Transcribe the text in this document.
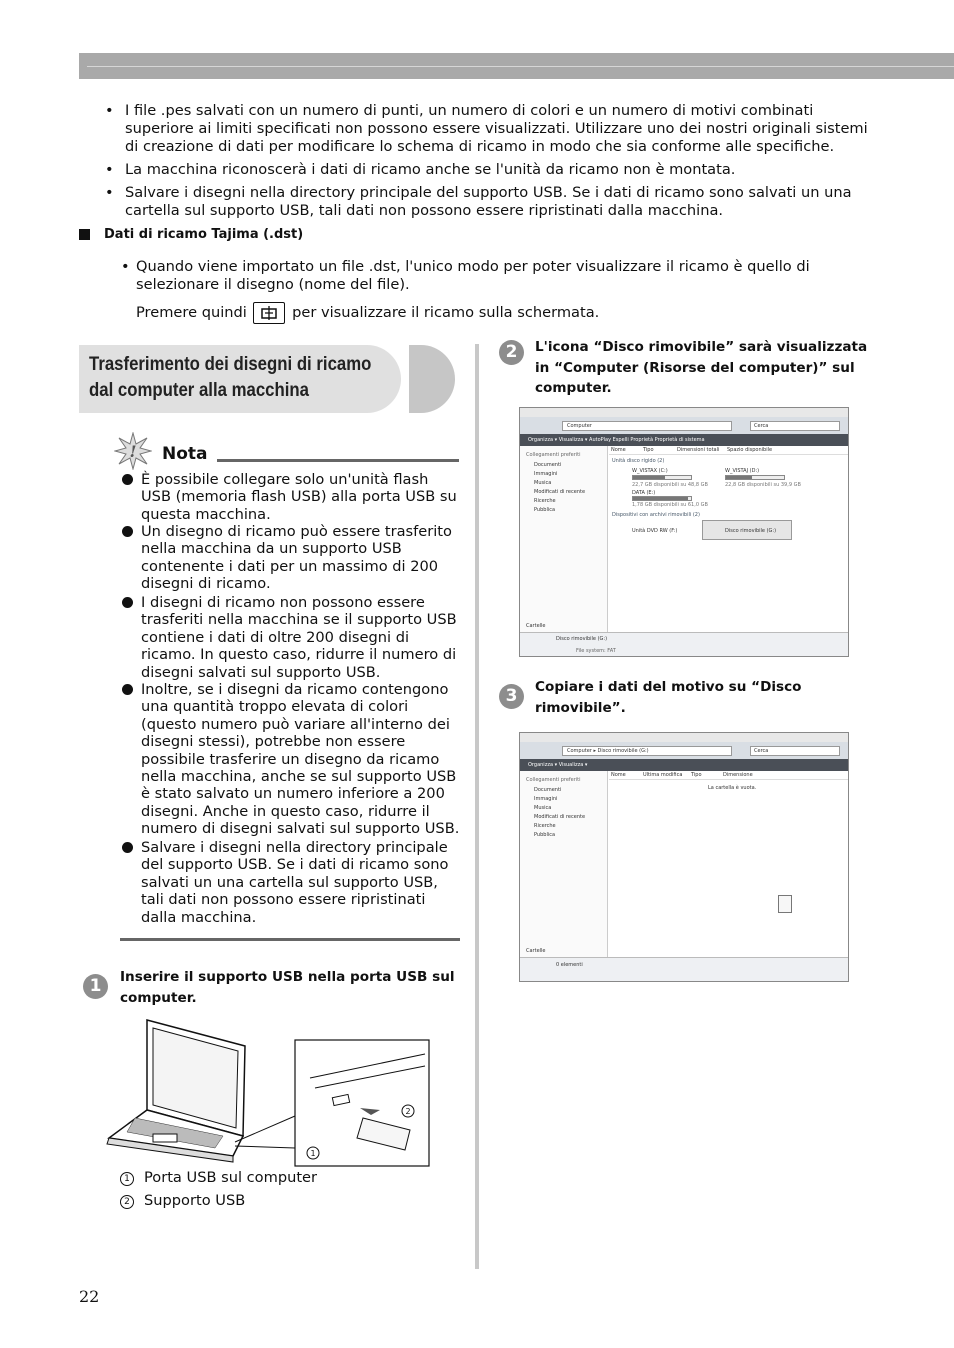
• I file .pes salvati con un numero di punti, un numero di colori e un numero di motivi combinati superiore ai limiti specificati non possono essere visualizzati. Utilizzare uno dei nostri originali sistemi di creazione di dati per modificare lo schema di ricamo in modo che sia conforme alle specifiche.
• La macchina riconoscerà i dati di ricamo anche se l'unità da ricamo non è montata.
• Salvare i disegni nella directory principale del supporto USB. Se i dati di ricamo sono salvati un una cartella sul supporto USB, tali dati non possono essere ripristinati dalla macchina.
Dati di ricamo Tajima (.dst)
• Quando viene importato un file .dst, l'unico modo per poter visualizzare il ricamo è quello di selezionare il disegno (nome del file).
Premere quindi	per visualizzare il ricamo sulla schermata.
Trasferimento dei disegni di ricamo
dal computer alla macchina
! Nota
È possibile collegare solo un'unità flash USB (memoria flash USB) alla porta USB su questa macchina.
Un disegno di ricamo può essere trasferito nella macchina da un supporto USB contenente i dati per un massimo di 200 disegni di ricamo.
I disegni di ricamo non possono essere trasferiti nella macchina se il supporto USB contiene i dati di oltre 200 disegni di ricamo. In questo caso, ridurre il numero di disegni salvati sul supporto USB.
Inoltre, se i disegni da ricamo contengono una quantità troppo elevata di colori (questo numero può variare all'interno dei disegni stessi), potrebbe non essere possibile trasferire un disegno da ricamo nella macchina, anche se sul supporto USB è stato salvato un numero inferiore a 200 disegni. Anche in questo caso, ridurre il numero di disegni salvati sul supporto USB.
Salvare i disegni nella directory principale del supporto USB. Se i dati di ricamo sono salvati un una cartella sul supporto USB, tali dati non possono essere ripristinati dalla macchina.
1	Inserire il supporto USB nella porta USB sul computer.
2
1
1 Porta USB sul computer
2 Supporto USB
2	L'icona “Disco rimovibile” sarà visualizzata in “Computer (Risorse del computer)” sul computer.
Computer	Cerca
Organizza ▾ Visualizza ▾ AutoPlay Espelli Proprietà Proprietà di sistema
Collegamenti preferiti
Documenti
Immagini
Musica
Modificati di recente
Ricerche
Pubblica
Cartelle
Nome	Tipo	Dimensioni totali Spazio disponibile
Unità disco rigido (2)
W_VISTAX (C:)	W_VISTAJ (D:)
DATA (E:)
22,7 GB disponibili su 48,8 GB	22,8 GB disponibili su 39,9 GB
1,78 GB disponibili su 61,0 GB
Dispositivi con archivi rimovibili (2)
Unità DVD RW (F:)	Disco rimovibile (G:)
Disco rimovibile (G:)
File system: FAT
3	Copiare i dati del motivo su “Disco rimovibile”.
Computer ▸ Disco rimovibile (G:)	Cerca
Organizza ▾ Visualizza ▾
Collegamenti preferiti
Documenti
Immagini
Musica
Modificati di recente
Ricerche
Pubblica
Cartelle
Nome	Ultima modifica Tipo	Dimensione
La cartella è vuota.
0 elementi
22
